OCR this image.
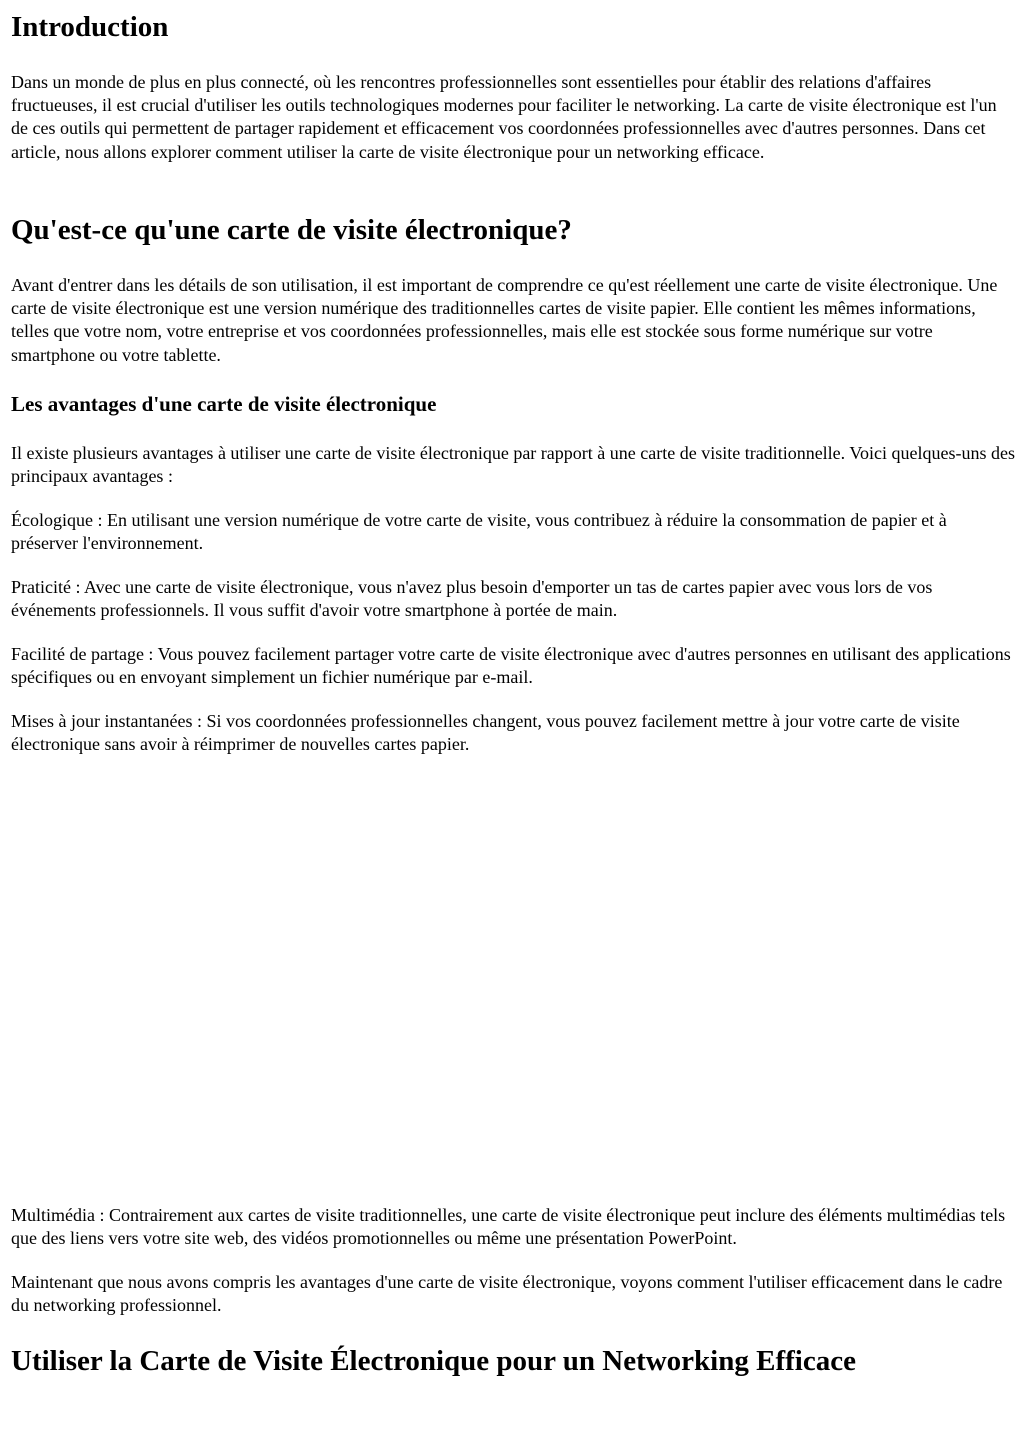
Introduction

Dans un monde de plus en plus connecté, où les rencontres professionnelles sont essentielles pour établir des relations d'affaires fructueuses, il est crucial d'utiliser les outils technologiques modernes pour faciliter le networking. La carte de visite électronique est l'un de ces outils qui permettent de partager rapidement et efficacement vos coordonnées professionnelles avec d'autres personnes. Dans cet article, nous allons explorer comment utiliser la carte de visite électronique pour un networking efficace.

Qu'est-ce qu'une carte de visite électronique?

Avant d'entrer dans les détails de son utilisation, il est important de comprendre ce qu'est réellement une carte de visite électronique. Une carte de visite électronique est une version numérique des traditionnelles cartes de visite papier. Elle contient les mêmes informations, telles que votre nom, votre entreprise et vos coordonnées professionnelles, mais elle est stockée sous forme numérique sur votre smartphone ou votre tablette.

Les avantages d'une carte de visite électronique

Il existe plusieurs avantages à utiliser une carte de visite électronique par rapport à une carte de visite traditionnelle. Voici quelques-uns des principaux avantages :

Écologique : En utilisant une version numérique de votre carte de visite, vous contribuez à réduire la consommation de papier et à préserver l'environnement.

Praticité : Avec une carte de visite électronique, vous n'avez plus besoin d'emporter un tas de cartes papier avec vous lors de vos événements professionnels. Il vous suffit d'avoir votre smartphone à portée de main.

Facilité de partage : Vous pouvez facilement partager votre carte de visite électronique avec d'autres personnes en utilisant des applications spécifiques ou en envoyant simplement un fichier numérique par e-mail.

Mises à jour instantanées : Si vos coordonnées professionnelles changent, vous pouvez facilement mettre à jour votre carte de visite électronique sans avoir à réimprimer de nouvelles cartes papier.

Multimédia : Contrairement aux cartes de visite traditionnelles, une carte de visite électronique peut inclure des éléments multimédias tels que des liens vers votre site web, des vidéos promotionnelles ou même une présentation PowerPoint.

Maintenant que nous avons compris les avantages d'une carte de visite électronique, voyons comment l'utiliser efficacement dans le cadre du networking professionnel.

Utiliser la Carte de Visite Électronique pour un Networking Efficace
